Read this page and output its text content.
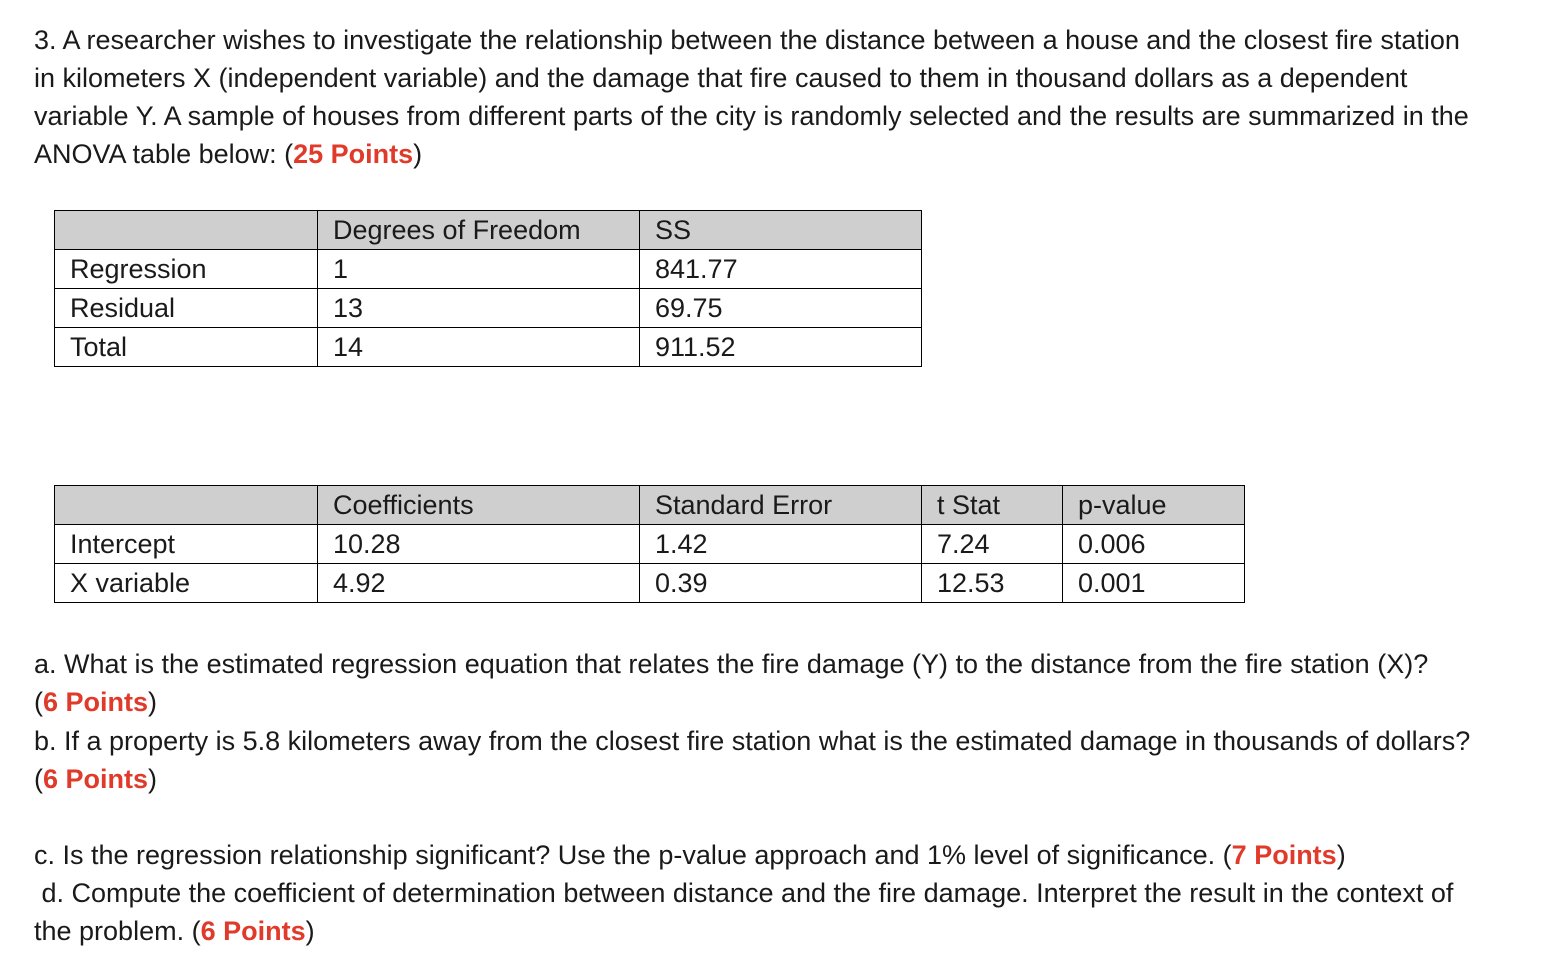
3. A researcher wishes to investigate the relationship between the distance between a house and the closest fire station in kilometers X (independent variable) and the damage that fire caused to them in thousand dollars as a dependent variable Y. A sample of houses from different parts of the city is randomly selected and the results are summarized in the ANOVA table below: (25 Points)

	Degrees of Freedom	SS
Regression	1	841.77
Residual	13	69.75
Total	14	911.52
	Coefficients	Standard Error	t Stat	p-value
Intercept	10.28	1.42	7.24	0.006
X variable	4.92	0.39	12.53	0.001

a. What is the estimated regression equation that relates the fire damage (Y) to the distance from the fire station (X)? (6 Points)

b. If a property is 5.8 kilometers away from the closest fire station what is the estimated damage in thousands of dollars? (6 Points)

c. Is the regression relationship significant? Use the p-value approach and 1% level of significance. (7 Points)

d. Compute the coefficient of determination between distance and the fire damage. Interpret the result in the context of the problem. (6 Points)
